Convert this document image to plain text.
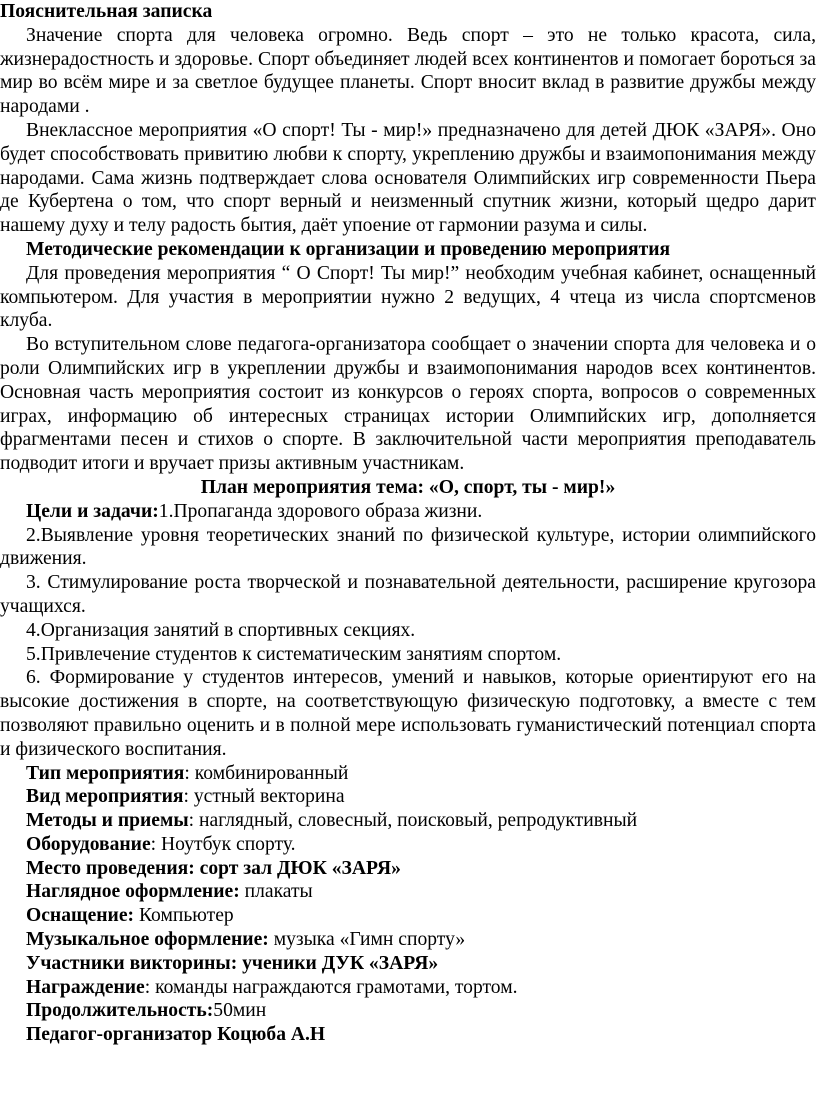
Пояснительная записка

Значение спорта для человека огромно. Ведь спорт – это не только красота, сила, жизнерадостность и здоровье. Спорт объединяет людей всех континентов и помогает бороться за мир во всём мире и за светлое будущее планеты. Спорт вносит вклад в развитие дружбы между народами .

Внеклассное мероприятия «О спорт! Ты - мир!» предназначено для детей ДЮК «ЗАРЯ». Оно будет способствовать привитию любви к спорту, укреплению дружбы и взаимопонимания между народами. Сама жизнь подтверждает слова основателя Олимпийских игр современности Пьера де Кубертена о том, что спорт верный и неизменный спутник жизни, который щедро дарит нашему духу и телу радость бытия, даёт упоение от гармонии разума и силы.

Методические рекомендации к организации и проведению мероприятия

Для проведения мероприятия “ О Спорт! Ты мир!” необходим учебная кабинет, оснащенный компьютером. Для участия в мероприятии нужно 2 ведущих, 4 чтеца из числа спортсменов клуба.

Во вступительном слове педагога-организатора сообщает о значении спорта для человека и о роли Олимпийских игр в укреплении дружбы и взаимопонимания народов всех континентов. Основная часть мероприятия состоит из конкурсов о героях спорта, вопросов о современных играх, информацию об интересных страницах истории Олимпийских игр, дополняется фрагментами песен и стихов о спорте. В заключительной части мероприятия преподаватель подводит итоги и вручает призы активным участникам.

План мероприятия тема: «О, спорт, ты - мир!»

Цели и задачи:1.Пропаганда здорового образа жизни.

2.Выявление уровня теоретических знаний по физической культуре, истории олимпийского движения.

3. Стимулирование роста творческой и познавательной деятельности, расширение кругозора учащихся.

4.Организация занятий в спортивных секциях.

5.Привлечение студентов к систематическим занятиям спортом.

6. Формирование у студентов интересов, умений и навыков, которые ориентируют его на высокие достижения в спорте, на соответствующую физическую подготовку, а вместе с тем позволяют правильно оценить и в полной мере использовать гуманистический потенциал спорта и физического воспитания.

Тип мероприятия: комбинированный

Вид мероприятия: устный векторина

Методы и приемы: наглядный, словесный, поисковый, репродуктивный

Оборудование: Ноутбук спорту.

Место проведения: сорт зал ДЮК «ЗАРЯ»

Наглядное оформление: плакаты

Оснащение: Компьютер

Музыкальное оформление: музыка «Гимн спорту»

Участники викторины: ученики ДУК «ЗАРЯ»

Награждение: команды награждаются грамотами, тортом.

Продолжительность:50мин

Педагог-организатор Коцюба А.Н
